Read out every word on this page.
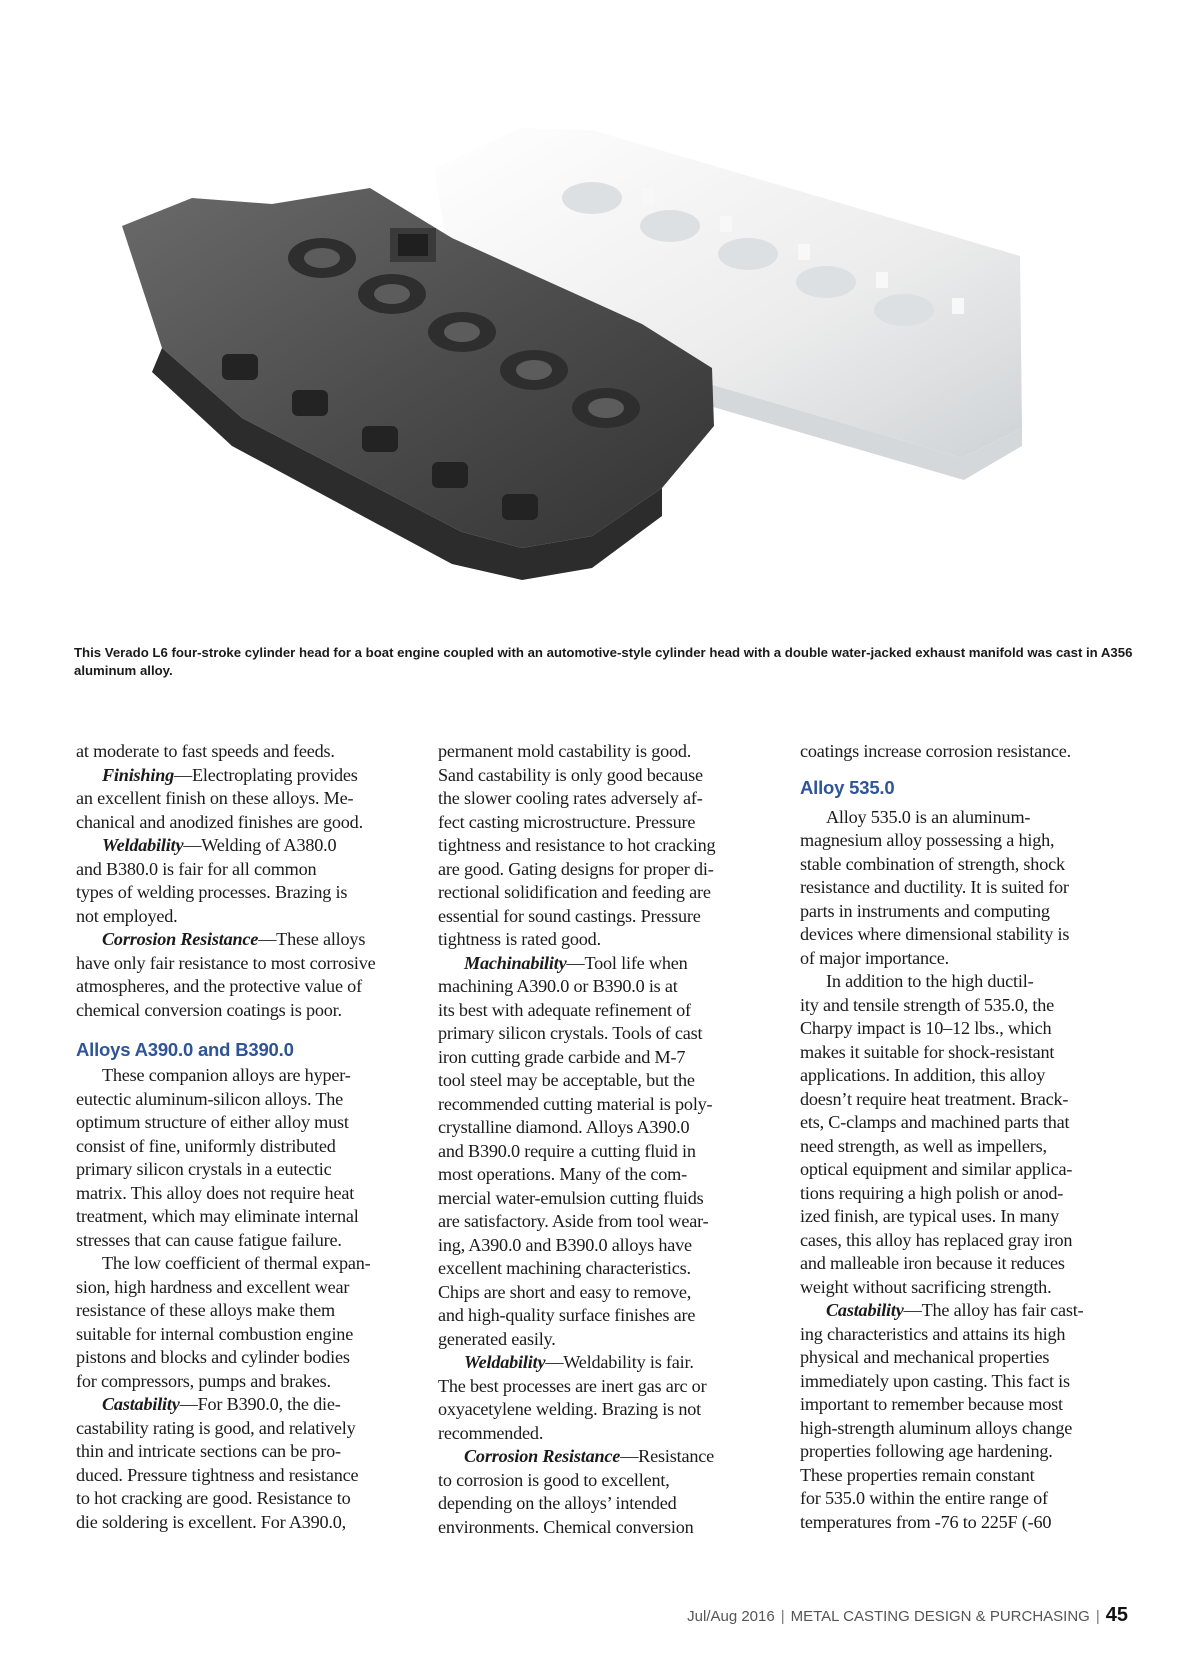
This Verado L6 four-stroke cylinder head for a boat engine coupled with an automotive-style cylinder head with a double water-jacked exhaust manifold was cast in A356 aluminum alloy.

at moderate to fast speeds and feeds.

Finishing—Electroplating provides
an excellent finish on these alloys. Me-
chanical and anodized finishes are good.

Weldability—Welding of A380.0
and B380.0 is fair for all common
types of welding processes. Brazing is
not employed.

Corrosion Resistance—These alloys
have only fair resistance to most corrosive
atmospheres, and the protective value of
chemical conversion coatings is poor.

Alloys A390.0 and B390.0

These companion alloys are hyper-
eutectic aluminum-silicon alloys. The
optimum structure of either alloy must
consist of fine, uniformly distributed
primary silicon crystals in a eutectic
matrix. This alloy does not require heat
treatment, which may eliminate internal
stresses that can cause fatigue failure.

The low coefficient of thermal expan-
sion, high hardness and excellent wear
resistance of these alloys make them
suitable for internal combustion engine
pistons and blocks and cylinder bodies
for compressors, pumps and brakes.

Castability—For B390.0, the die-
castability rating is good, and relatively
thin and intricate sections can be pro-
duced. Pressure tightness and resistance
to hot cracking are good. Resistance to
die soldering is excellent. For A390.0,

permanent mold castability is good.
Sand castability is only good because
the slower cooling rates adversely af-
fect casting microstructure. Pressure
tightness and resistance to hot cracking
are good. Gating designs for proper di-
rectional solidification and feeding are
essential for sound castings. Pressure
tightness is rated good.

Machinability—Tool life when
machining A390.0 or B390.0 is at
its best with adequate refinement of
primary silicon crystals. Tools of cast
iron cutting grade carbide and M-7
tool steel may be acceptable, but the
recommended cutting material is poly-
crystalline diamond. Alloys A390.0
and B390.0 require a cutting fluid in
most operations. Many of the com-
mercial water-emulsion cutting fluids
are satisfactory. Aside from tool wear-
ing, A390.0 and B390.0 alloys have
excellent machining characteristics.
Chips are short and easy to remove,
and high-quality surface finishes are
generated easily.

Weldability—Weldability is fair.
The best processes are inert gas arc or
oxyacetylene welding. Brazing is not
recommended.

Corrosion Resistance—Resistance
to corrosion is good to excellent,
depending on the alloys’ intended
environments. Chemical conversion

coatings increase corrosion resistance.

Alloy 535.0

Alloy 535.0 is an aluminum-
magnesium alloy possessing a high,
stable combination of strength, shock
resistance and ductility. It is suited for
parts in instruments and computing
devices where dimensional stability is
of major importance.

In addition to the high ductil-
ity and tensile strength of 535.0, the
Charpy impact is 10–12 lbs., which
makes it suitable for shock-resistant
applications. In addition, this alloy
doesn’t require heat treatment. Brack-
ets, C-clamps and machined parts that
need strength, as well as impellers,
optical equipment and similar applica-
tions requiring a high polish or anod-
ized finish, are typical uses. In many
cases, this alloy has replaced gray iron
and malleable iron because it reduces
weight without sacrificing strength.

Castability—The alloy has fair cast-
ing characteristics and attains its high
physical and mechanical properties
immediately upon casting. This fact is
important to remember because most
high-strength aluminum alloys change
properties following age hardening.
These properties remain constant
for 535.0 within the entire range of
temperatures from -76 to 225F (-60

Jul/Aug 2016 | METAL CASTING DESIGN & PURCHASING | 45
